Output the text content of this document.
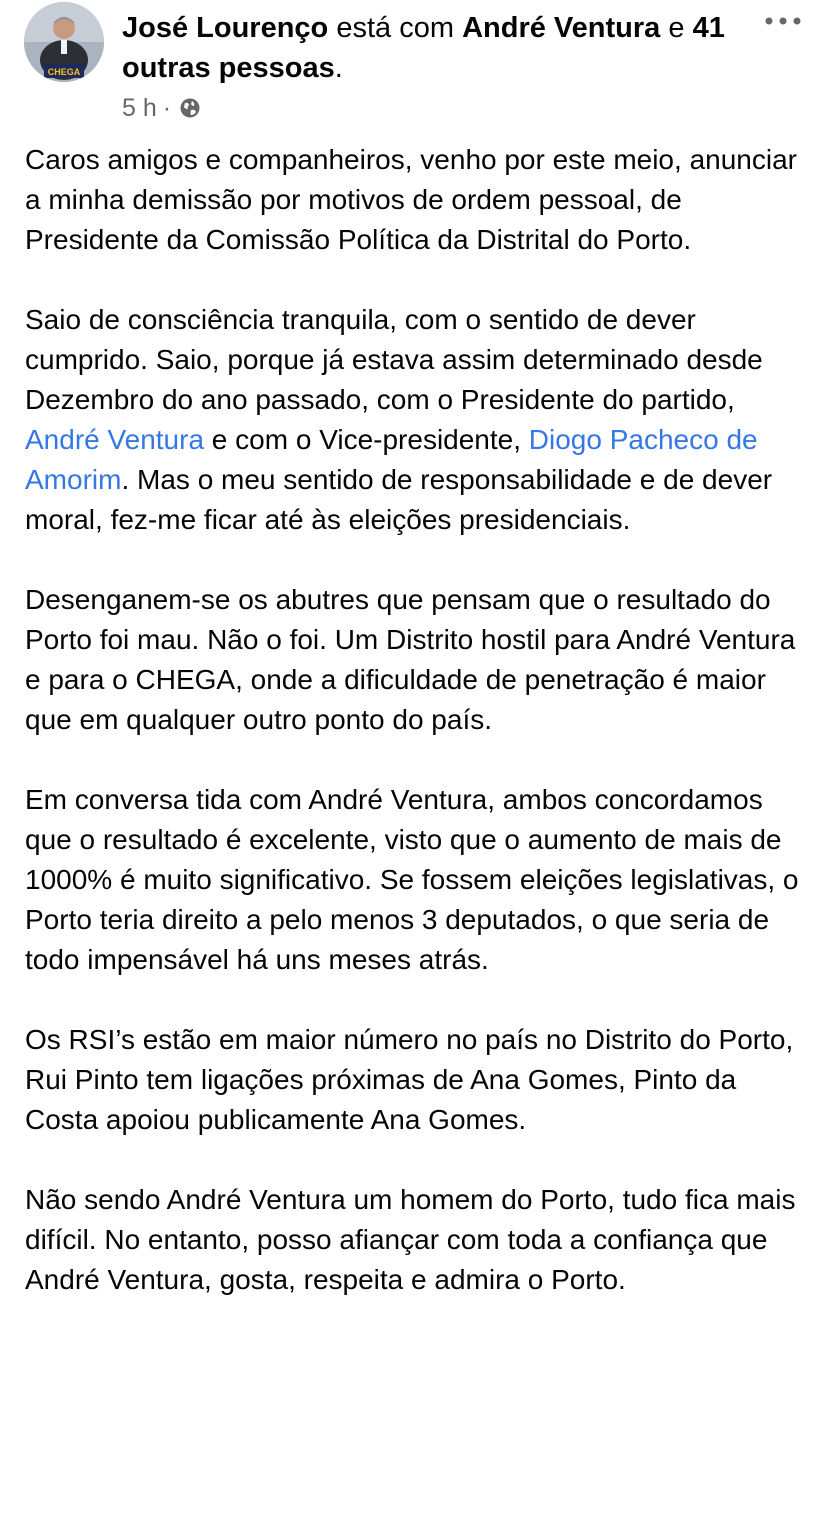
CHEGA
José Lourenço está com André Ventura e 41 outras pessoas.
5 h ·

Caros amigos e companheiros, venho por este meio, anunciar a minha demissão por motivos de ordem pessoal, de Presidente da Comissão Política da Distrital do Porto.

Saio de consciência tranquila, com o sentido de dever cumprido. Saio, porque já estava assim determinado desde Dezembro do ano passado, com o Presidente do partido, André Ventura e com o Vice-presidente, Diogo Pacheco de Amorim. Mas o meu sentido de responsabilidade e de dever moral, fez-me ficar até às eleições presidenciais.

Desenganem-se os abutres que pensam que o resultado do Porto foi mau. Não o foi. Um Distrito hostil para André Ventura e para o CHEGA, onde a dificuldade de penetração é maior que em qualquer outro ponto do país.

Em conversa tida com André Ventura, ambos concordamos que o resultado é excelente, visto que o aumento de mais de 1000% é muito significativo. Se fossem eleições legislativas, o Porto teria direito a pelo menos 3 deputados, o que seria de todo impensável há uns meses atrás.

Os RSI’s estão em maior número no país no Distrito do Porto, Rui Pinto tem ligações próximas de Ana Gomes, Pinto da Costa apoiou publicamente Ana Gomes.

Não sendo André Ventura um homem do Porto, tudo fica mais difícil. No entanto, posso afiançar com toda a confiança que André Ventura, gosta, respeita e admira o Porto.
